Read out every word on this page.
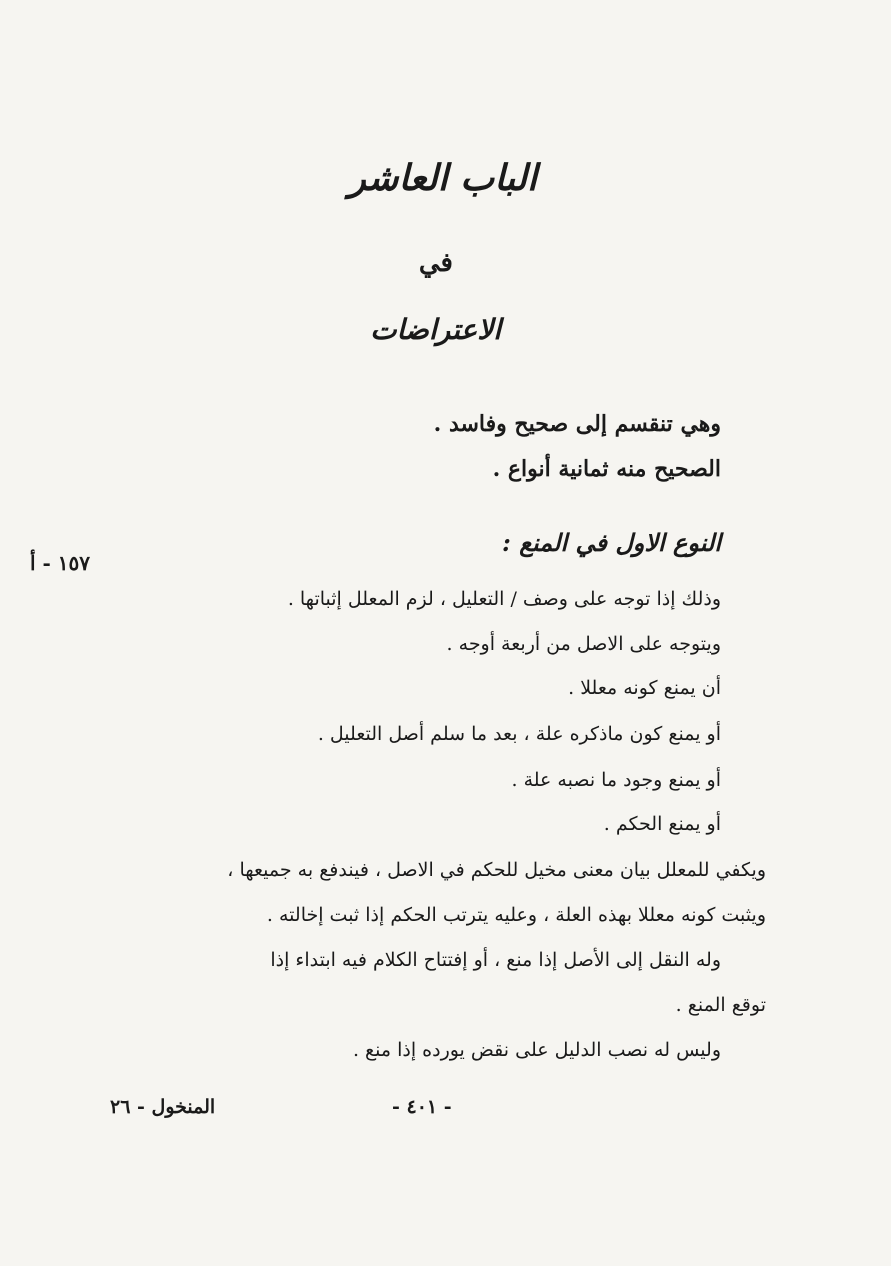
الباب العاشر
في
الاعتراضات
وهي تنقسم إلى صحيح وفاسد .
الصحيح منه ثمانية أنواع .
النوع الاول في المنع :
١٥٧ - أ
وذلك إذا توجه على وصف / التعليل ، لزم المعلل إثباتها .
ويتوجه على الاصل من أربعة أوجه .
أن يمنع كونه معللا .
أو يمنع كون ماذكره علة ، بعد ما سلم أصل التعليل .
أو يمنع وجود ما نصبه علة .
أو يمنع الحكم .
ويكفي للمعلل بيان معنى مخيل للحكم في الاصل ، فيندفع به جميعها ،
ويثبت كونه معللا بهذه العلة ، وعليه يترتب الحكم إذا ثبت إخالته .
وله النقل إلى الأصل إذا منع ، أو إفتتاح الكلام فيه ابتداء إذا
توقع المنع .
وليس له نصب الدليل على نقض يورده إذا منع .
- ٤٠١ -
المنخول - ٢٦
